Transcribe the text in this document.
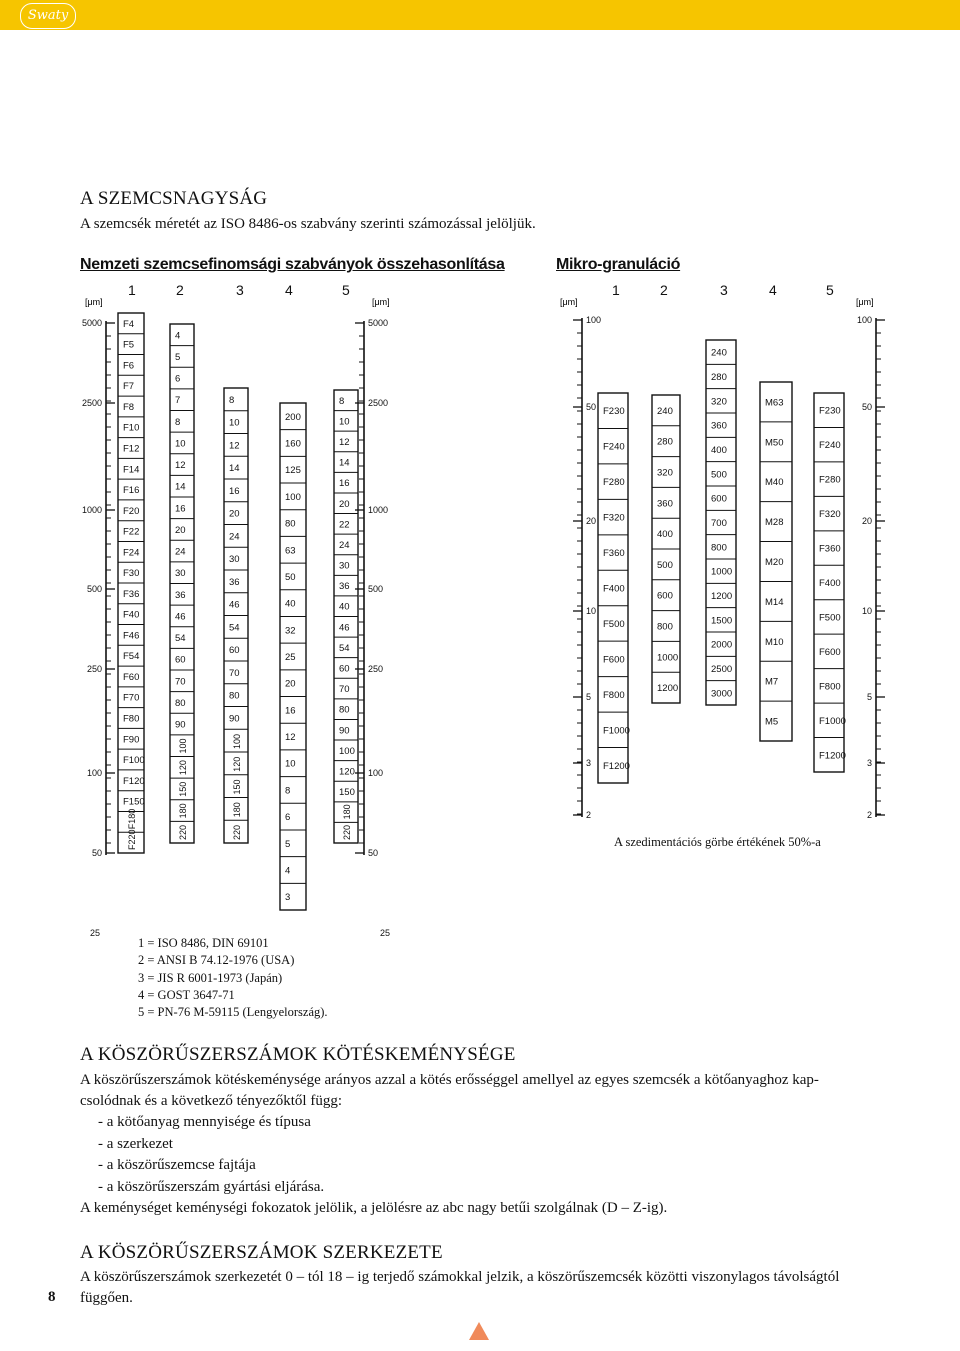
Swaty
A SZEMCSNAGYSÁG
A szemcsék méretét az ISO 8486-os szabvány szerinti számozással jelöljük.
Nemzeti szemcsefinomsági szabványok összehasonlítása	Mikro-granuláció
1	2	3	4	5	1	2	3	4	5
[μm]
5000
2500
1000
500
250
100
50
25
[μm]
5000
2500
1000
500
250
100
50
25
F4
F5
F6
F7
F8
F10
F12
F14
F16
F20
F22
F24
F30
F36
F40
F46
F54
F60
F70
F80
F90
F100
F120
F150
F180
F220
4
5
6
7
8
10
12
14
16
20
24
30
36
46
54
60
70
80
90
100
120
150
180
220
8
10
12
14
16
20
24
30
36
46
54
60
70
80
90
100
120
150
180
220
200
160
125
100
80
63
50
40
32
25
20
16
12
10
8
6
5
4
3
8
10
12
14
16
20
22
24
30
36
40
46
54
60
70
80
90
100
120
150
180
220
[μm]
100
50
20
10
5
3
2
[μm]
100
50
20
10
5
3
2
F230
F240
F280
F320
F360
F400
F500
F600
F800
F1000
F1200
240
280
320
360
400
500
600
800
1000
1200
240
280
320
360
400
500
600
700
800
1000
1200
1500
2000
2500
3000
M63
M50
M40
M28
M20
M14
M10
M7
M5
F230
F240
F280
F320
F360
F400
F500
F600
F800
F1000
F1200
A szedimentációs görbe értékének 50%-a
1 = ISO 8486, DIN 69101
2 = ANSI B 74.12-1976 (USA)
3 = JIS R 6001-1973 (Japán)
4 = GOST 3647-71
5 = PN-76 M-59115 (Lengyelország).
A KÖSZÖRŰSZERSZÁMOK KÖTÉSKEMÉNYSÉGE
A köszörűszerszámok kötéskeménysége arányos azzal a kötés erősséggel amellyel az egyes szemcsék a kötőanyaghoz kap-
csolódnak és a következő tényezőktől függ:
- a kötőanyag mennyisége és típusa
- a szerkezet
- a köszörűszemcse fajtája
- a köszörűszerszám gyártási eljárása.
A keménységet keménységi fokozatok jelölik, a jelölésre az abc nagy betűi szolgálnak (D – Z-ig).
A KÖSZÖRŰSZERSZÁMOK SZERKEZETE
A köszörűszerszámok szerkezetét 0 – tól 18 – ig terjedő számokkal jelzik, a köszörűszemcsék közötti viszonylagos távolságtól
függően.
8
